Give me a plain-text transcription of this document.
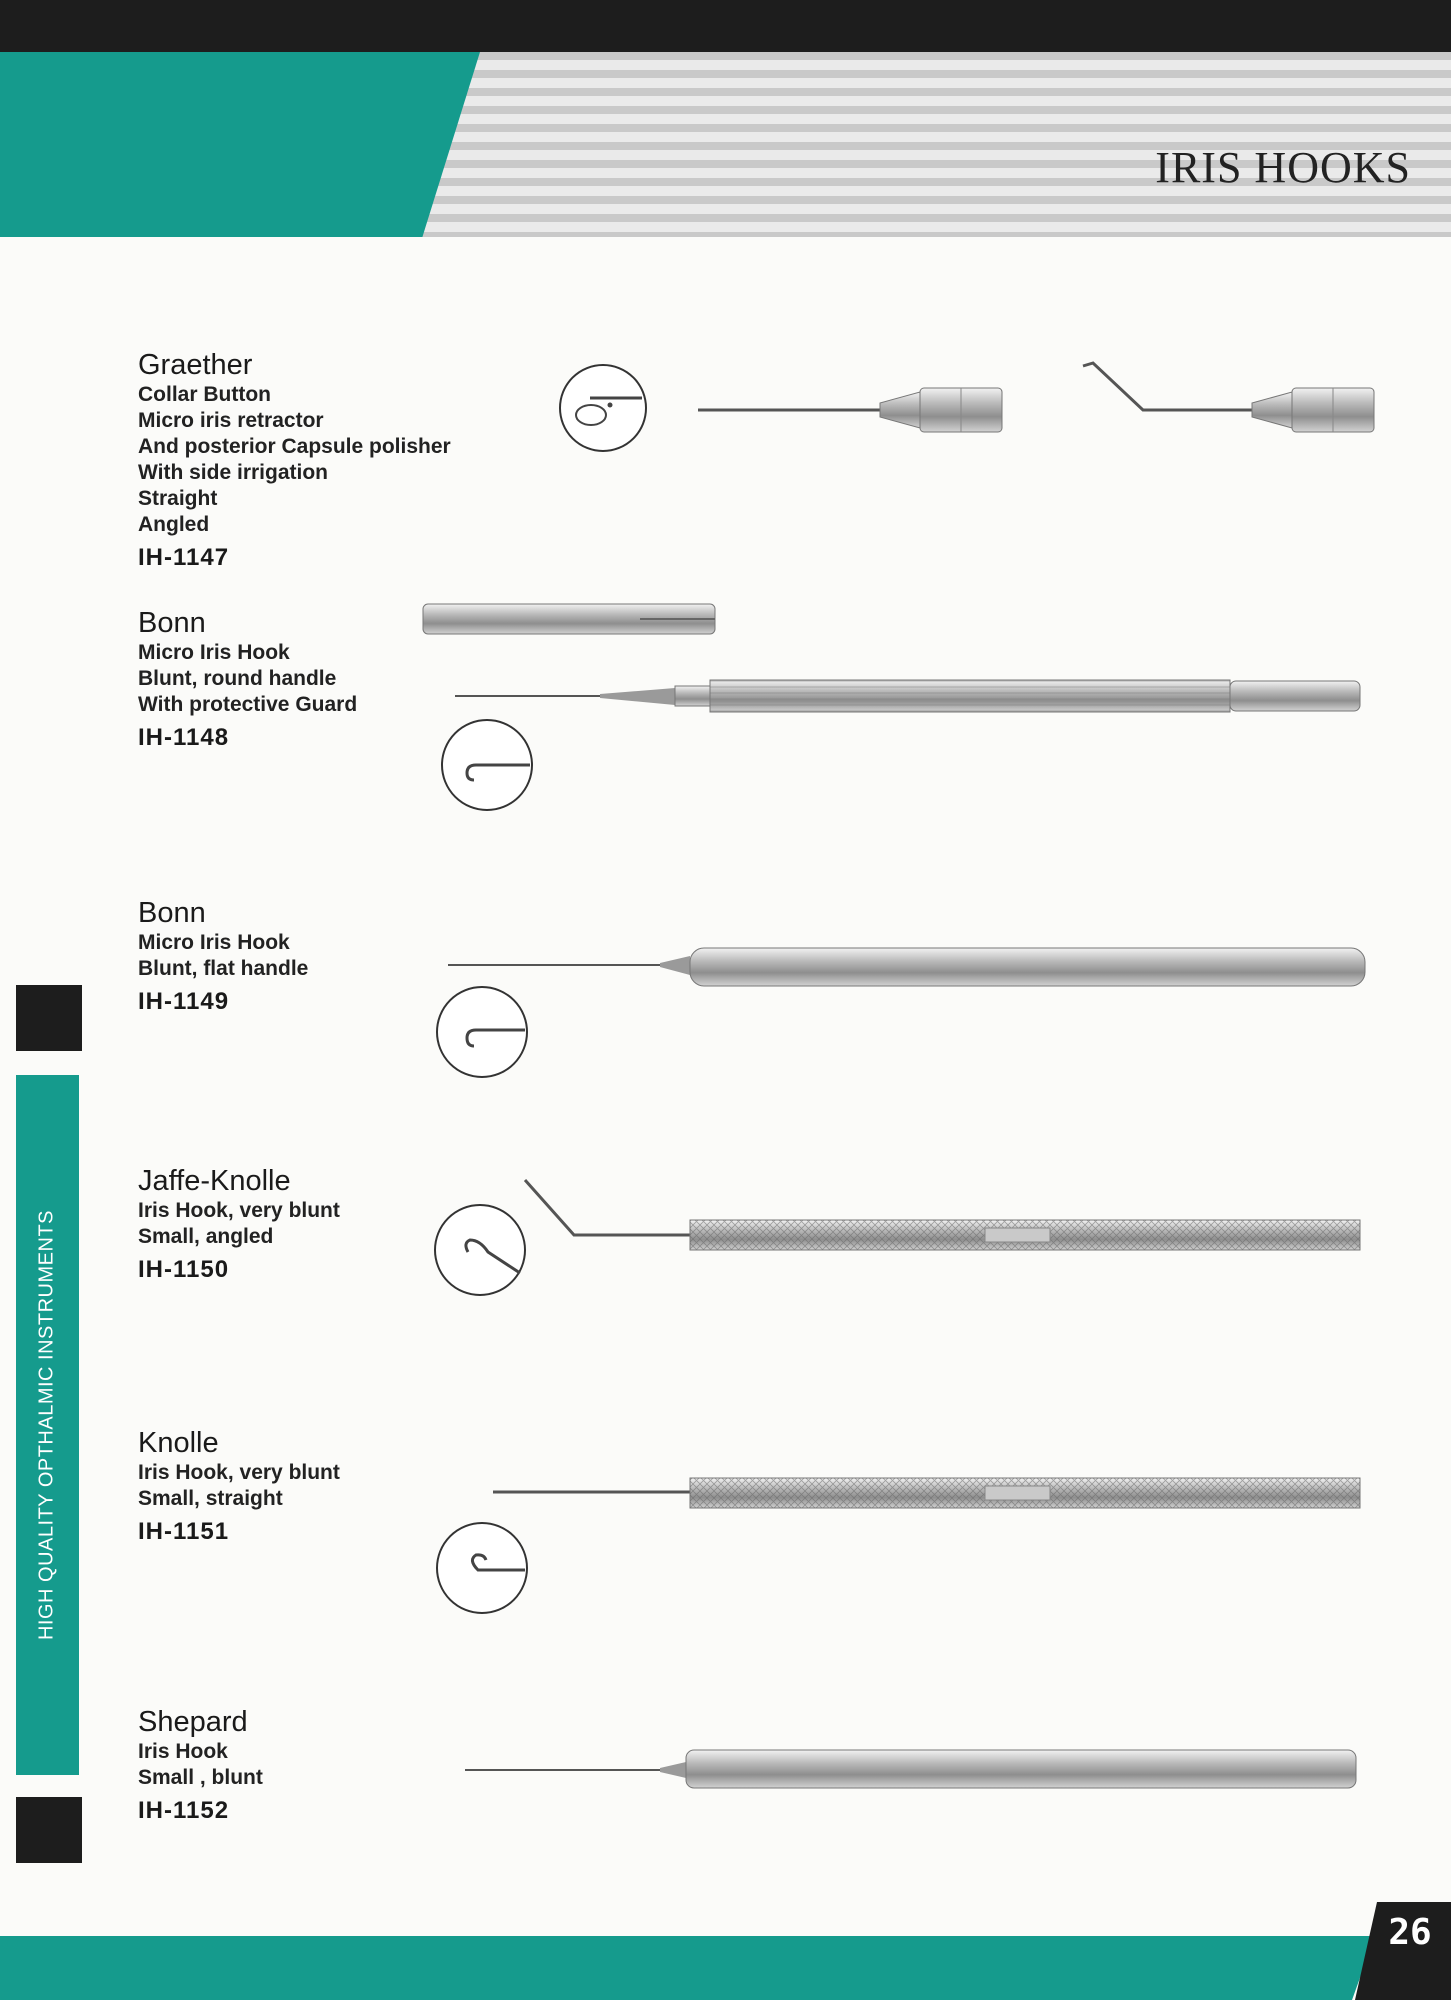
IRIS HOOKS
HIGH QUALITY OPTHALMIC INSTRUMENTS
26
Graether

Collar Button

Micro iris retractor

And posterior Capsule polisher

With side irrigation

Straight

Angled

IH-1147

Bonn

Micro Iris Hook

Blunt, round handle

With protective Guard

IH-1148

Bonn

Micro Iris Hook

Blunt, flat handle

IH-1149

Jaffe-Knolle

Iris Hook, very blunt

Small, angled

IH-1150

Knolle

Iris Hook, very blunt

Small, straight

IH-1151

Shepard

Iris Hook

Small , blunt

IH-1152
